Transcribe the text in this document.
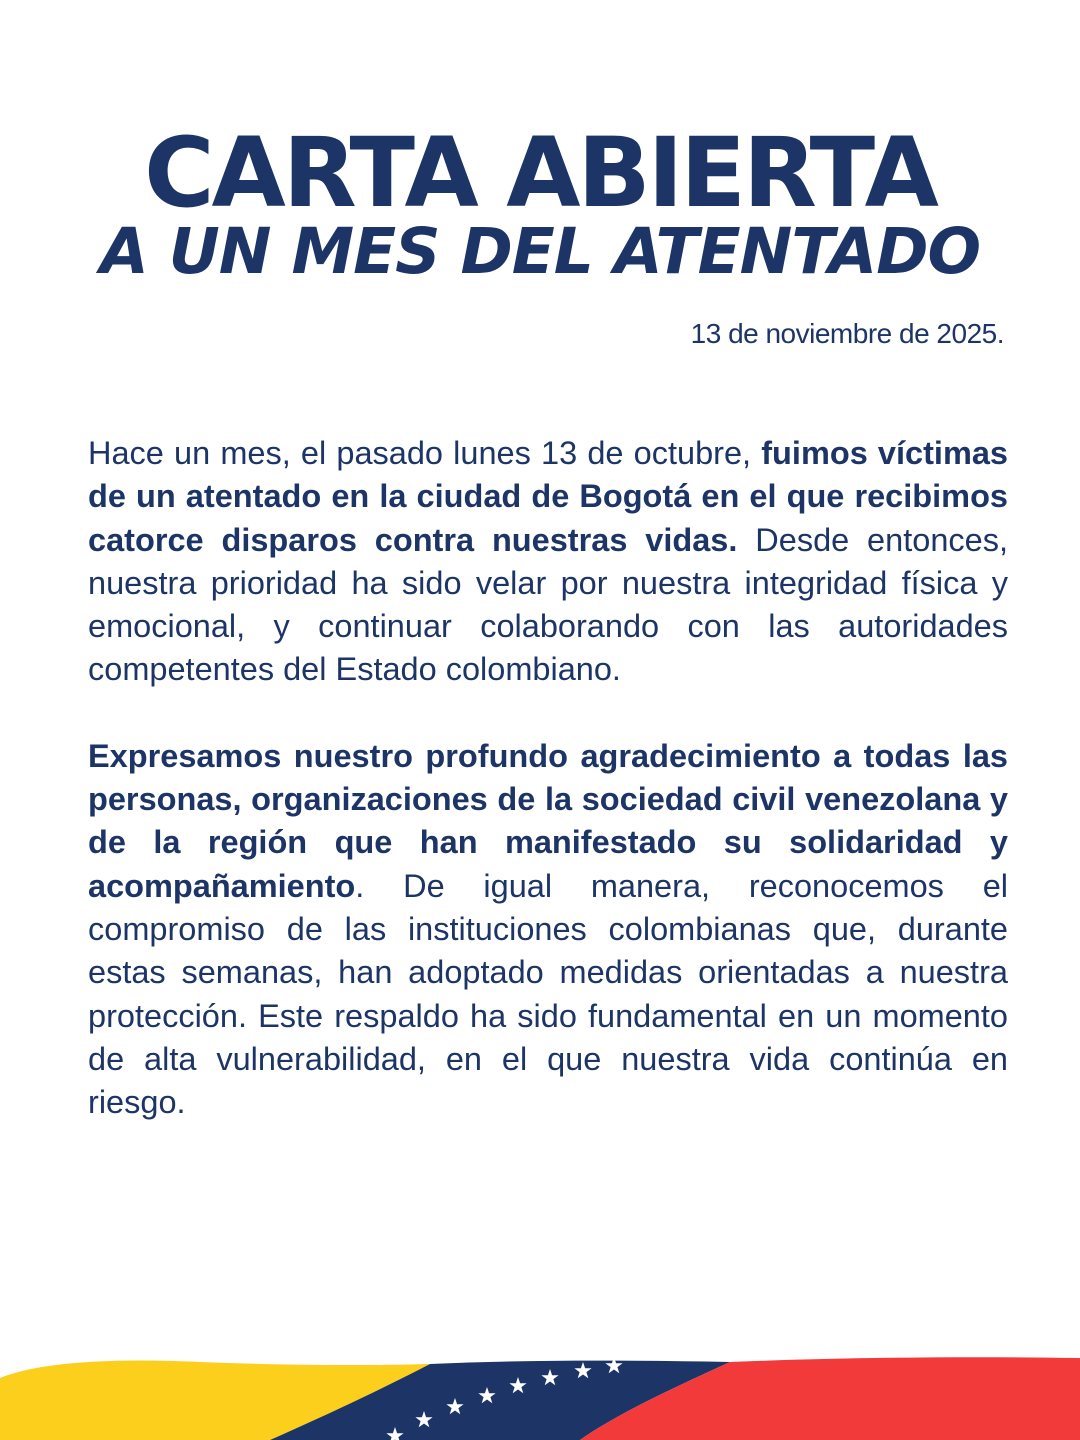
CARTA ABIERTA
A UN MES DEL ATENTADO
13 de noviembre de 2025.

Hace un mes, el pasado lunes 13 de octubre, fuimos víctimas de un atentado en la ciudad de Bogotá en el que recibimos catorce disparos contra nuestras vidas. Desde entonces, nuestra prioridad ha sido velar por nuestra integridad física y emocional, y continuar colaborando con las autoridades competentes del Estado colombiano.

Expresamos nuestro profundo agradecimiento a todas las personas, organizaciones de la sociedad civil venezolana y de la región que han manifestado su solidaridad y acompañamiento. De igual manera, reconocemos el compromiso de las instituciones colombianas que, durante estas semanas, han adoptado medidas orientadas a nuestra protección. Este respaldo ha sido fundamental en un momento de alta vulnerabilidad, en el que nuestra vida continúa en riesgo.
